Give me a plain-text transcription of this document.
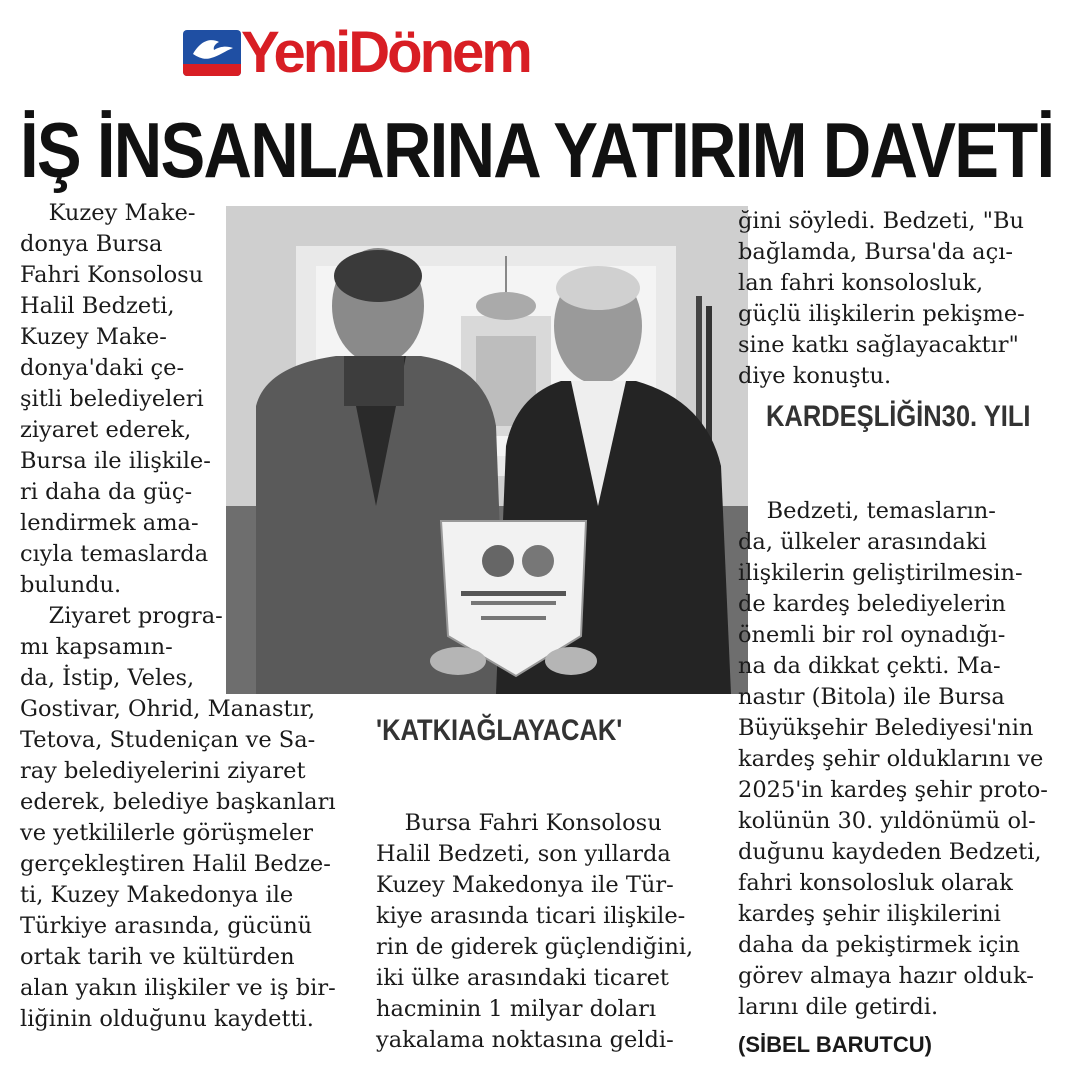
YeniDönem
İŞ İNSANLARINA YATIRIM DAVETİ
Kuzey Make-
donya Bursa
Fahri Konsolosu
Halil Bedzeti,
Kuzey Make-
donya'daki çe-
şitli belediyeleri
ziyaret ederek,
Bursa ile ilişkile-
ri daha da güç-
lendirmek ama-
cıyla temaslarda
bulundu.
Ziyaret progra-
mı kapsamın-
da, İstip, Veles,
Gostivar, Ohrid, Manastır,
Tetova, Studeniçan ve Sa-
ray belediyelerini ziyaret
ederek, belediye başkanları
ve yetkililerle görüşmeler
gerçekleştiren Halil Bedze-
ti, Kuzey Makedonya ile
Türkiye arasında, gücünü
ortak tarih ve kültürden
alan yakın ilişkiler ve iş bir-
liğinin olduğunu kaydetti.
'KATKIAĞLAYACAK'
Bursa Fahri Konsolosu
Halil Bedzeti, son yıllarda
Kuzey Makedonya ile Tür-
kiye arasında ticari ilişkile-
rin de giderek güçlendiğini,
iki ülke arasındaki ticaret
hacminin 1 milyar doları
yakalama noktasına geldi-
ğini söyledi. Bedzeti, "Bu
bağlamda, Bursa'da açı-
lan fahri konsolosluk,
güçlü ilişkilerin pekişme-
sine katkı sağlayacaktır"
diye konuştu.
KARDEŞLİĞİN30. YILI
Bedzeti, temasların-
da, ülkeler arasındaki
ilişkilerin geliştirilmesin-
de kardeş belediyelerin
önemli bir rol oynadığı-
na da dikkat çekti. Ma-
nastır (Bitola) ile Bursa
Büyükşehir Belediyesi'nin
kardeş şehir olduklarını ve
2025'in kardeş şehir proto-
kolünün 30. yıldönümü ol-
duğunu kaydeden Bedzeti,
fahri konsolosluk olarak
kardeş şehir ilişkilerini
daha da pekiştirmek için
görev almaya hazır olduk-
larını dile getirdi.
(SİBEL BARUTCU)
